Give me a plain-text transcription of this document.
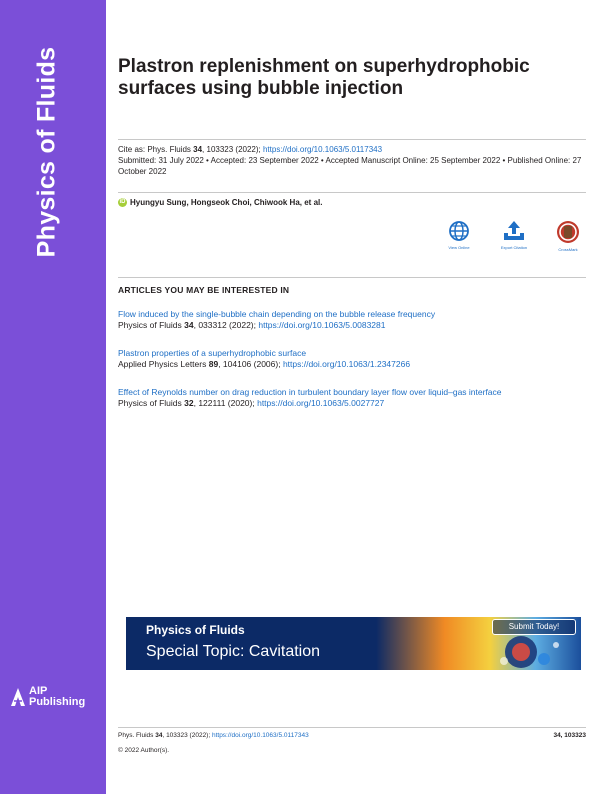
Physics of Fluids
AIP
Publishing
Plastron replenishment on superhydrophobic surfaces using bubble injection
Cite as: Phys. Fluids 34, 103323 (2022); https://doi.org/10.1063/5.0117343
Submitted: 31 July 2022 • Accepted: 23 September 2022 • Accepted Manuscript Online: 25 September 2022 • Published Online: 27 October 2022
iD Hyungyu Sung, Hongseok Choi, Chiwook Ha, et al.
View Online	Export Citation	CrossMark
ARTICLES YOU MAY BE INTERESTED IN
Flow induced by the single-bubble chain depending on the bubble release frequency
Physics of Fluids 34, 033312 (2022); https://doi.org/10.1063/5.0083281
Plastron properties of a superhydrophobic surface
Applied Physics Letters 89, 104106 (2006); https://doi.org/10.1063/1.2347266
Effect of Reynolds number on drag reduction in turbulent boundary layer flow over liquid–gas interface
Physics of Fluids 32, 122111 (2020); https://doi.org/10.1063/5.0027727
Physics of Fluids
Special Topic: Cavitation
Submit Today!
Phys. Fluids 34, 103323 (2022); https://doi.org/10.1063/5.0117343	34, 103323
© 2022 Author(s).
